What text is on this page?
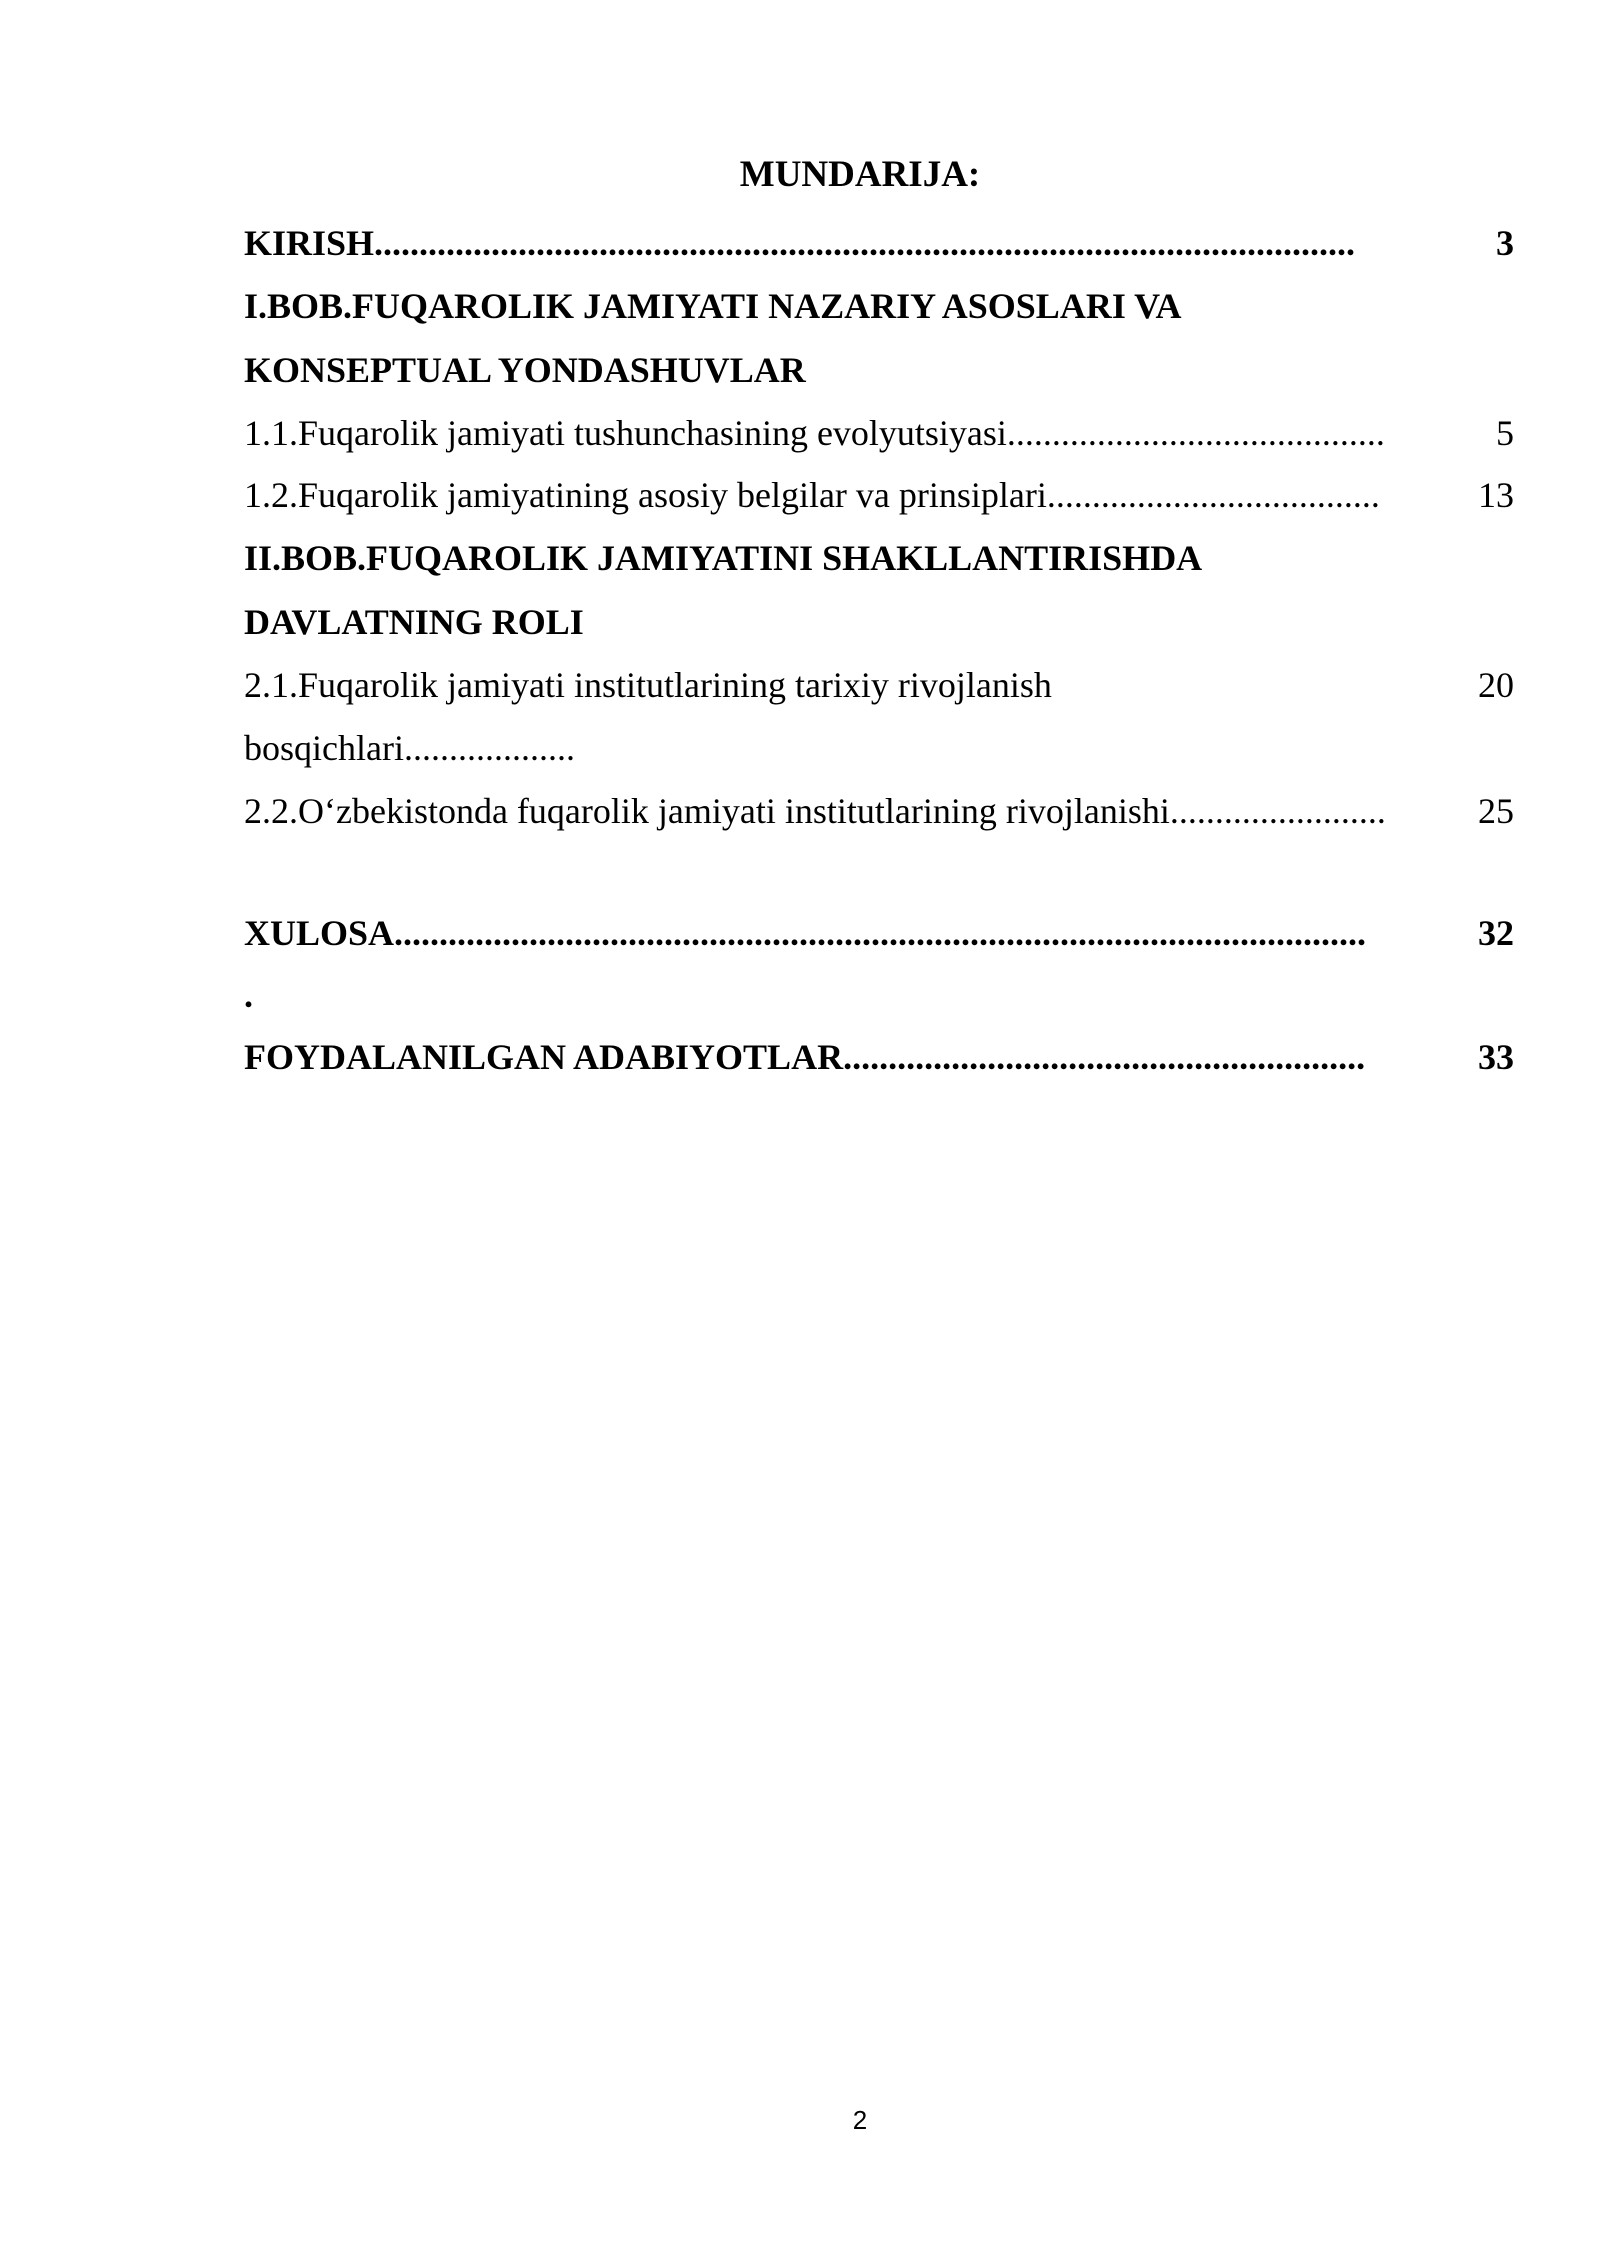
MUNDARIJA:
KIRISH.............................................................................................................	3
I.BOB.FUQAROLIK JAMIYATI NAZARIY ASOSLARI VA
KONSEPTUAL YONDASHUVLAR
1.1.Fuqarolik jamiyati tushunchasining evolyutsiyasi..........................................	5
1.2.Fuqarolik jamiyatining asosiy belgilar va prinsiplari.....................................	13
II.BOB.FUQAROLIK JAMIYATINI SHAKLLANTIRISHDA
DAVLATNING ROLI
2.1.Fuqarolik jamiyati institutlarining tarixiy rivojlanish	20
bosqichlari...................
2.2.O‘zbekistonda fuqarolik jamiyati institutlarining rivojlanishi........................	25
XULOSA............................................................................................................	32
.
FOYDALANILGAN ADABIYOTLAR..........................................................	33
2
